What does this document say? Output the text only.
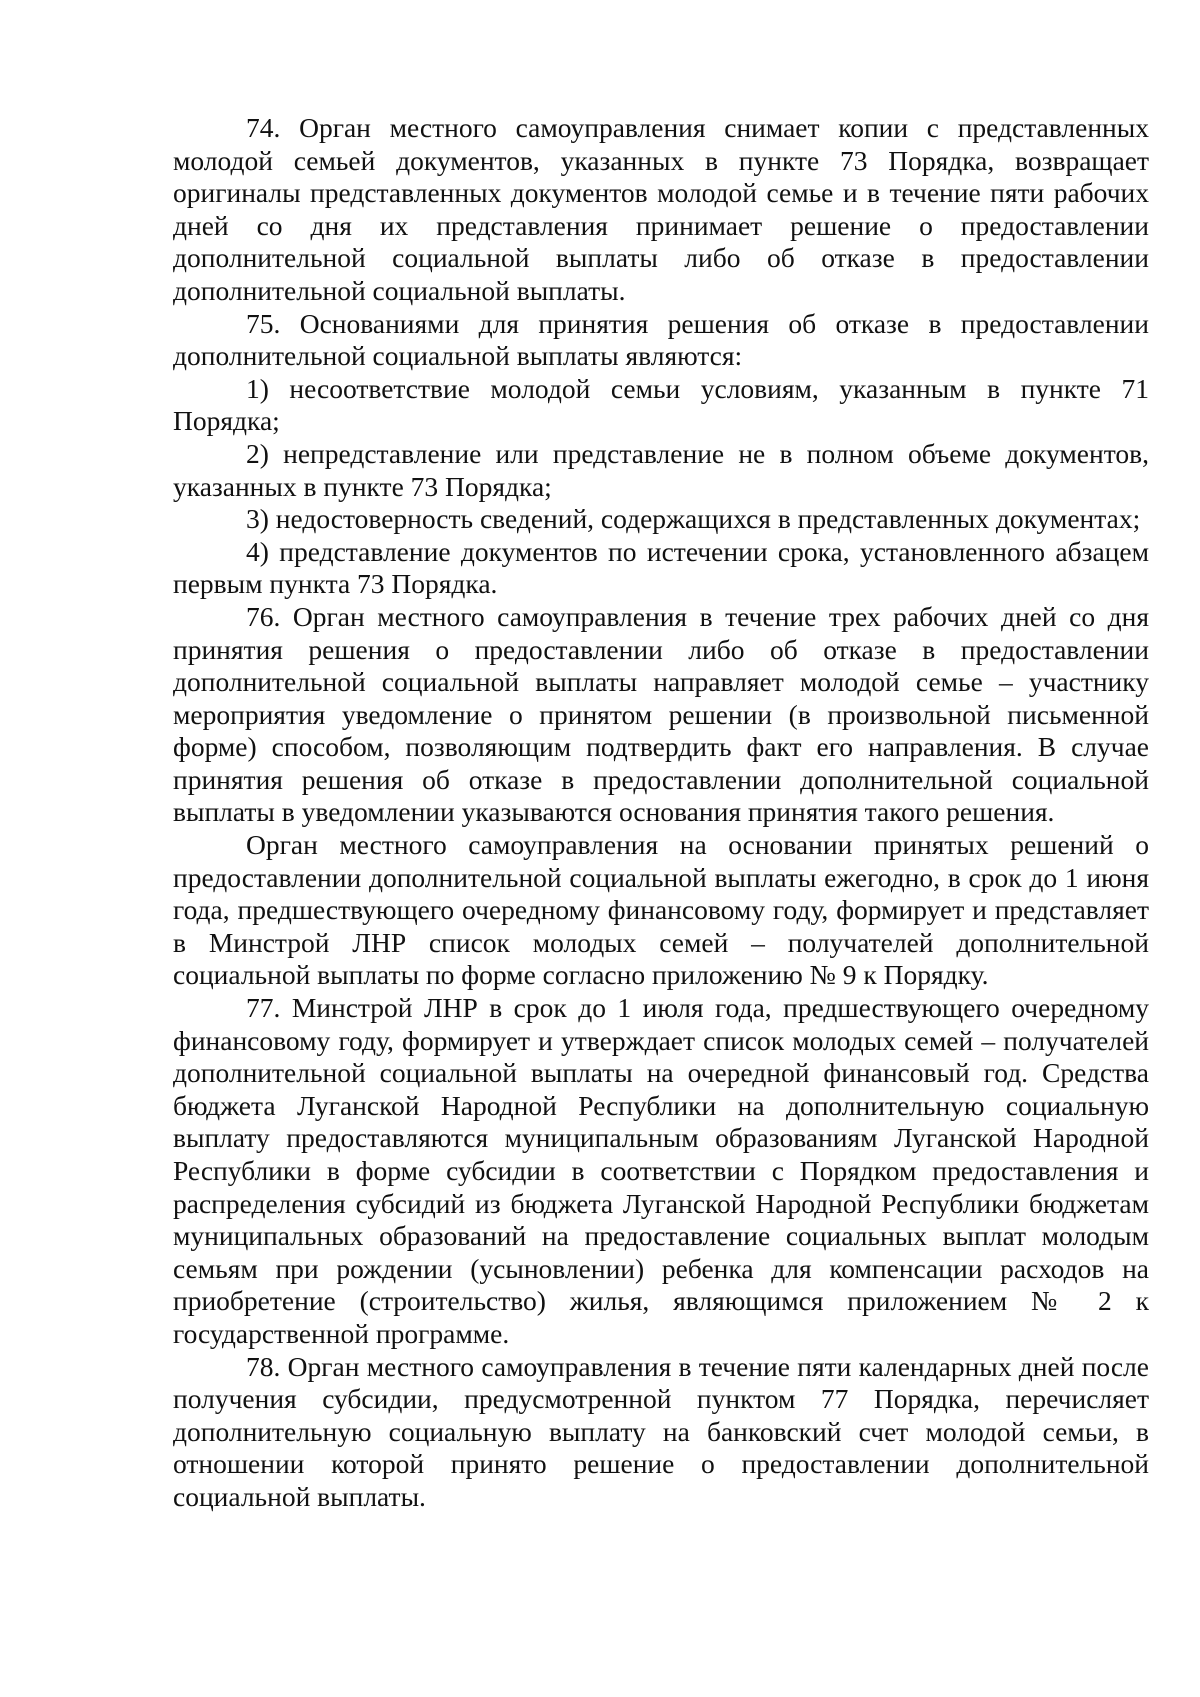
74. Орган местного самоуправления снимает копии с представленных молодой семьей документов, указанных в пункте 73 Порядка, возвращает оригиналы представленных документов молодой семье и в течение пяти рабочих дней со дня их представления принимает решение о предоставлении дополнительной социальной выплаты либо об отказе в предоставлении дополнительной социальной выплаты.

75. Основаниями для принятия решения об отказе в предоставлении дополнительной социальной выплаты являются:

1) несоответствие молодой семьи условиям, указанным в пункте 71 Порядка;

2) непредставление или представление не в полном объеме документов, указанных в пункте 73 Порядка;

3) недостоверность сведений, содержащихся в представленных документах;

4) представление документов по истечении срока, установленного абзацем первым пункта 73 Порядка.

76. Орган местного самоуправления в течение трех рабочих дней со дня принятия решения о предоставлении либо об отказе в предоставлении дополнительной социальной выплаты направляет молодой семье – участнику мероприятия уведомление о принятом решении (в произвольной письменной форме) способом, позволяющим подтвердить факт его направления. В случае принятия решения об отказе в предоставлении дополнительной социальной выплаты в уведомлении указываются основания принятия такого решения.

Орган местного самоуправления на основании принятых решений о предоставлении дополнительной социальной выплаты ежегодно, в срок до 1 июня года, предшествующего очередному финансовому году, формирует и представляет в Минстрой ЛНР список молодых семей – получателей дополнительной социальной выплаты по форме согласно приложению № 9 к Порядку.

77. Минстрой ЛНР в срок до 1 июля года, предшествующего очередному финансовому году, формирует и утверждает список молодых семей – получателей дополнительной социальной выплаты на очередной финансовый год. Средства бюджета Луганской Народной Республики на дополнительную социальную выплату предоставляются муниципальным образованиям Луганской Народной Республики в форме субсидии в соответствии с Порядком предоставления и распределения субсидий из бюджета Луганской Народной Республики бюджетам муниципальных образований на предоставление социальных выплат молодым семьям при рождении (усыновлении) ребенка для компенсации расходов на приобретение (строительство) жилья, являющимся приложением № 2 к государственной программе.

78. Орган местного самоуправления в течение пяти календарных дней после получения субсидии, предусмотренной пунктом 77 Порядка, перечисляет дополнительную социальную выплату на банковский счет молодой семьи, в отношении которой принято решение о предоставлении дополнительной социальной выплаты.
